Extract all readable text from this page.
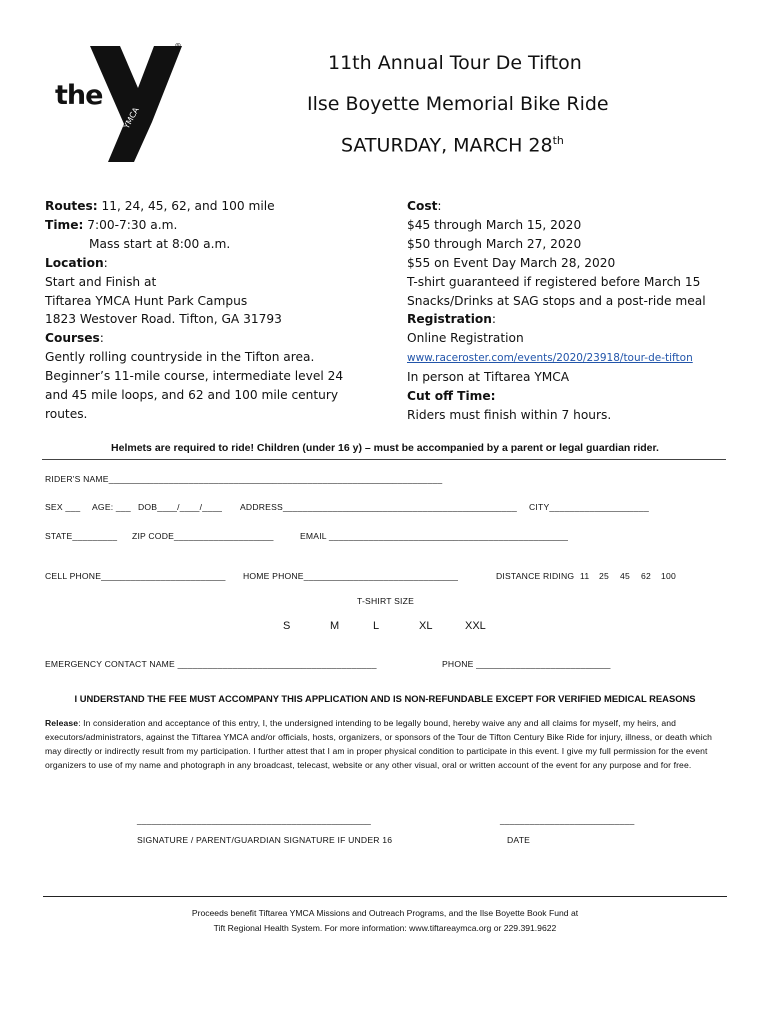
the
YMCA
®
11th Annual Tour De Tifton
Ilse Boyette Memorial Bike Ride
SATURDAY, MARCH 28th
Routes: 11, 24, 45, 62, and 100 mile
Time: 7:00-7:30 a.m.
Mass start at 8:00 a.m.
Location:
Start and Finish at
Tiftarea YMCA Hunt Park Campus
1823 Westover Road. Tifton, GA 31793
Courses:
Gently rolling countryside in the Tifton area.
Beginner’s 11-mile course, intermediate level 24
and 45 mile loops, and 62 and 100 mile century
routes.
Cost:
$45 through March 15, 2020
$50 through March 27, 2020
$55 on Event Day March 28, 2020
T-shirt guaranteed if registered before March 15
Snacks/Drinks at SAG stops and a post-ride meal
Registration:
Online Registration
www.raceroster.com/events/2020/23918/tour-de-tifton
In person at Tiftarea YMCA
Cut off Time:
Riders must finish within 7 hours.
Helmets are required to ride! Children (under 16 y) – must be accompanied by a parent or legal guardian rider.
RIDER'S NAME___________________________________________________________________
SEX ___ AGE: ___ DOB____/____/____ ADDRESS_______________________________________________ CITY____________________
STATE_________ ZIP CODE____________________	EMAIL ________________________________________________
CELL PHONE_________________________ HOME PHONE_______________________________	DISTANCE RIDING 11 25 45 62 100
T-SHIRT SIZE
S	M	L	XL	XXL
EMERGENCY CONTACT NAME ________________________________________	PHONE ___________________________
I UNDERSTAND THE FEE MUST ACCOMPANY THIS APPLICATION AND IS NON-REFUNDABLE EXCEPT FOR VERIFIED MEDICAL REASONS
Release: In consideration and acceptance of this entry, I, the undersigned intending to be legally bound, hereby waive any and all claims for myself, my heirs, and executors/administrators, against the Tiftarea YMCA and/or officials, hosts, organizers, or sponsors of the Tour de Tifton Century Bike Ride for injury, illness, or death which may directly or indirectly result from my participation. I further attest that I am in proper physical condition to participate in this event. I give my full permission for the event organizers to use of my name and photograph in any broadcast, telecast, website or any other visual, oral or written account of the event for any purpose and for free.
_______________________________________________	___________________________
SIGNATURE / PARENT/GUARDIAN SIGNATURE IF UNDER 16	DATE
Proceeds benefit Tiftarea YMCA Missions and Outreach Programs, and the Ilse Boyette Book Fund at
Tift Regional Health System. For more information: www.tiftareaymca.org or 229.391.9622
